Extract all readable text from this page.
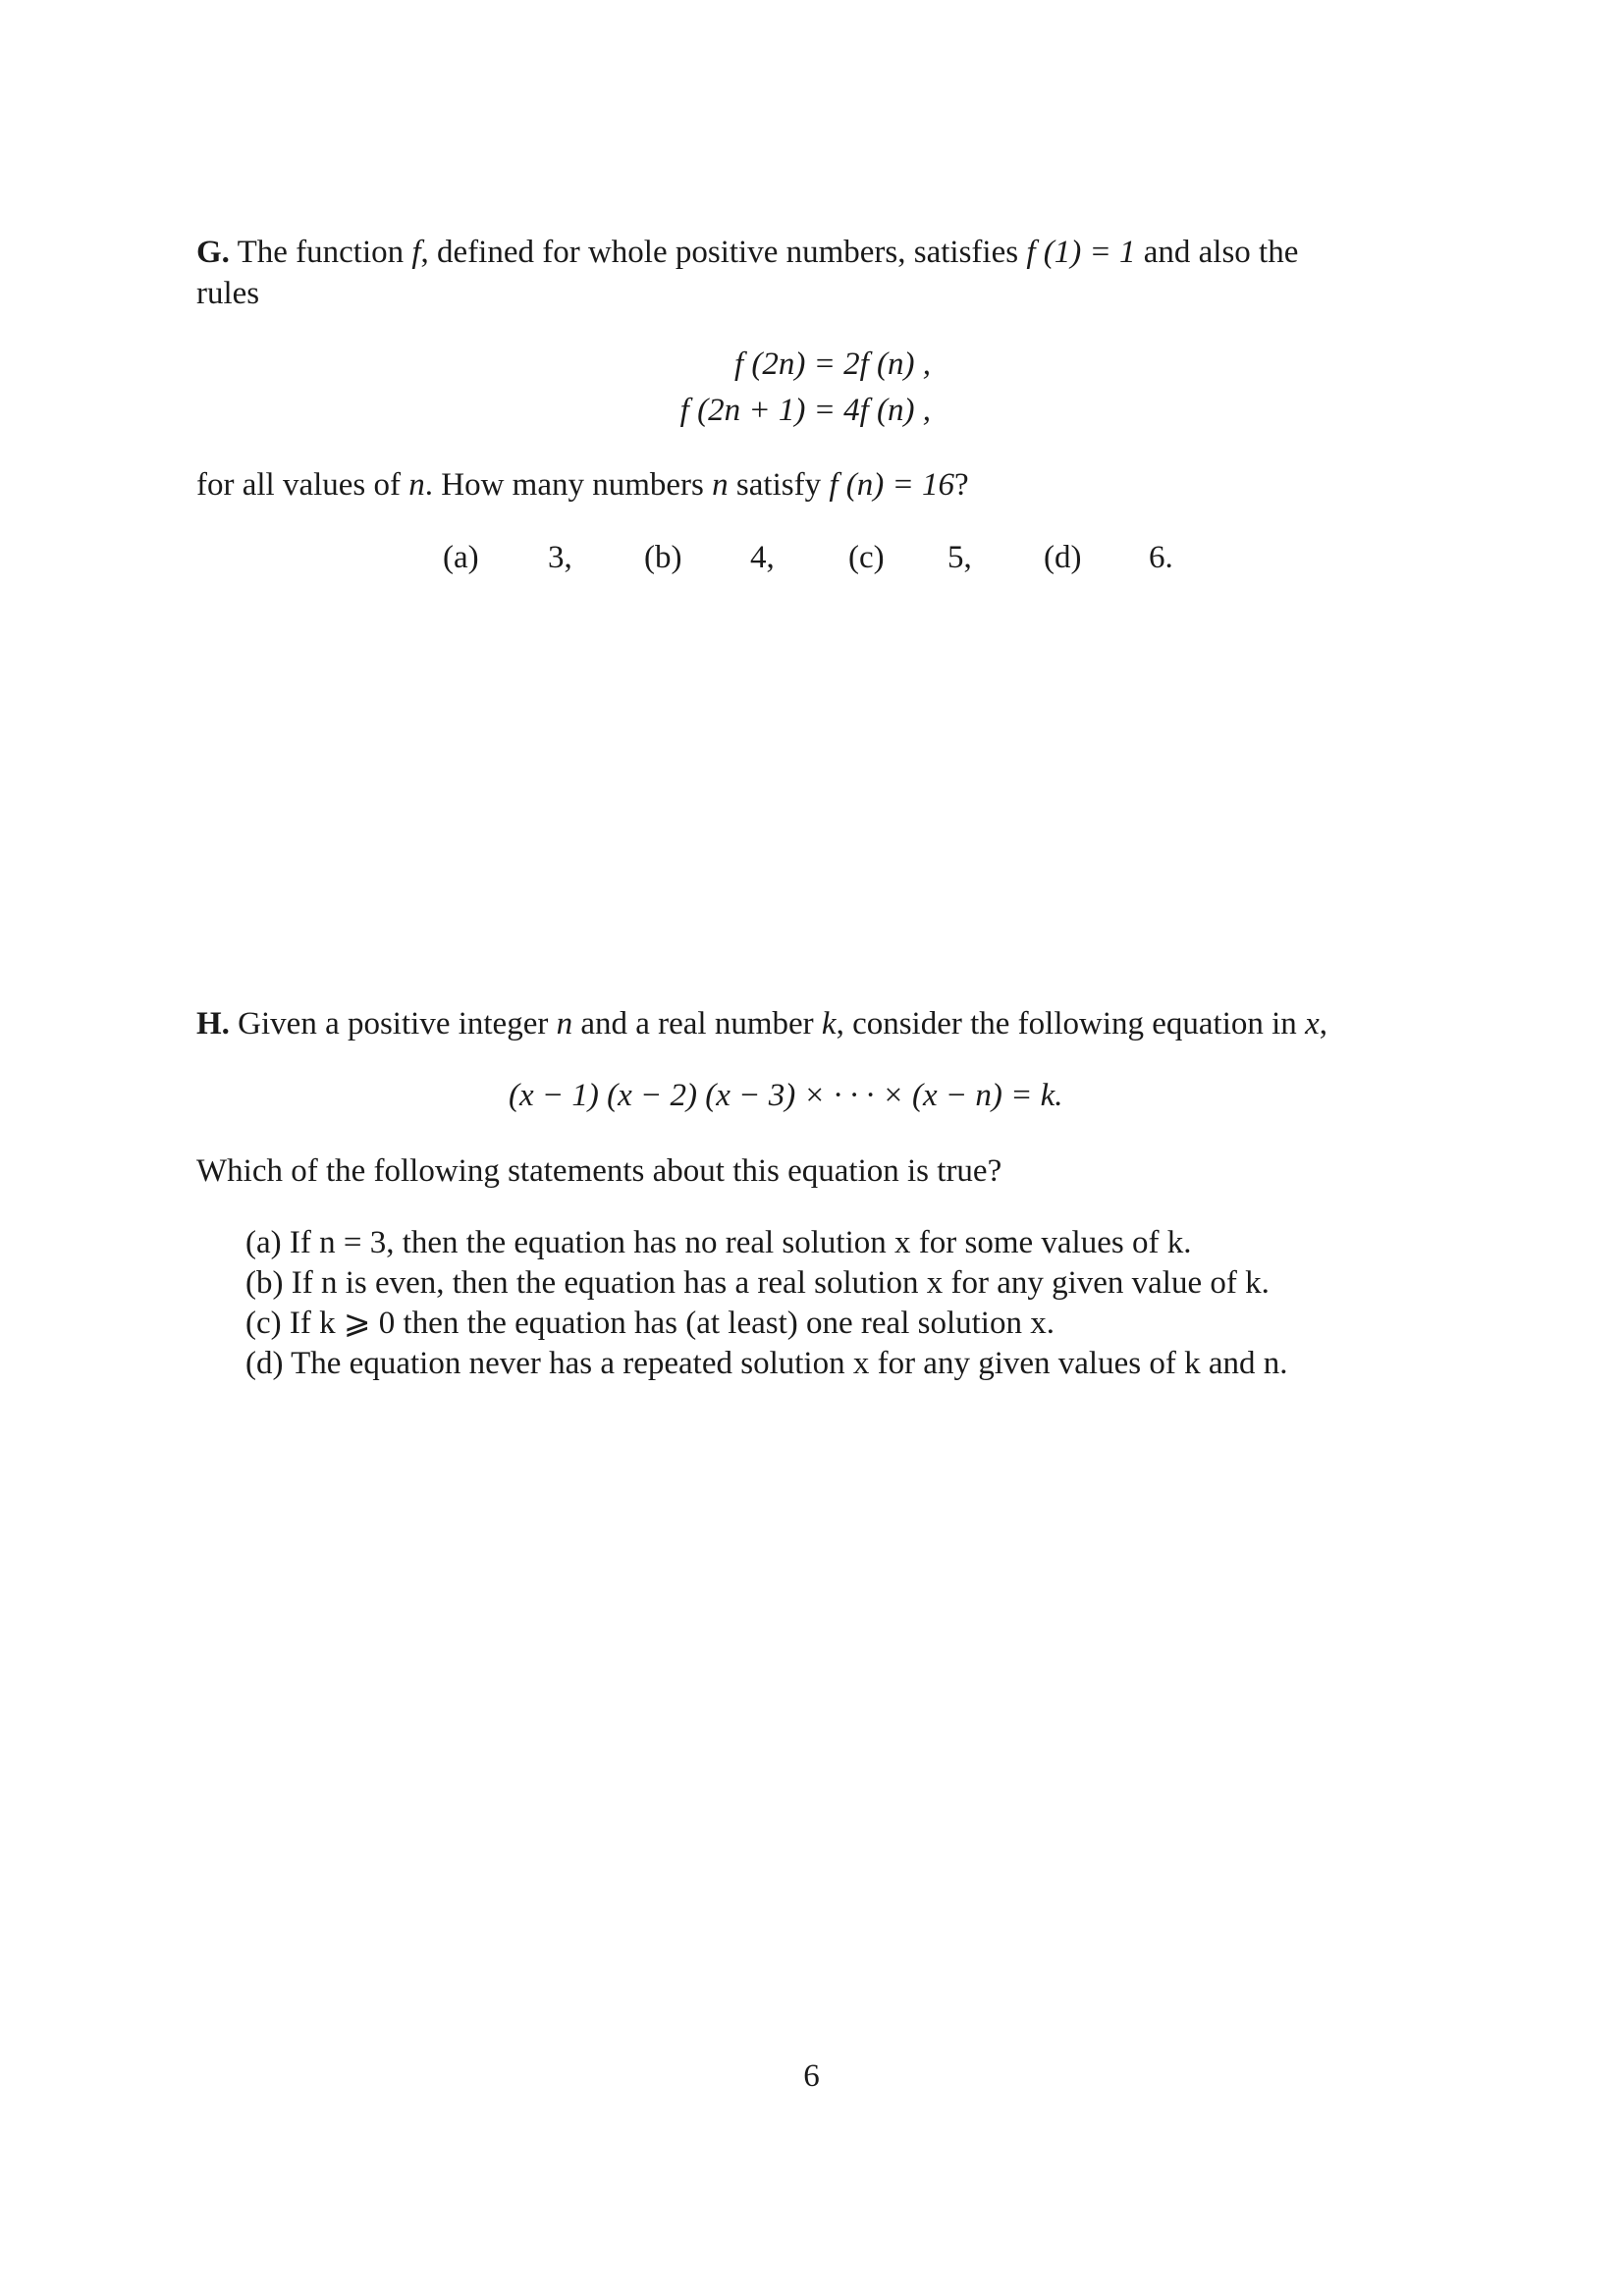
G. The function f, defined for whole positive numbers, satisfies f (1) = 1 and also the
rules
f (2n) = 2f (n) ,
f (2n + 1) = 4f (n) ,
for all values of n. How many numbers n satisfy f (n) = 16?
(a) 3, (b) 4, (c) 5, (d) 6.
H. Given a positive integer n and a real number k, consider the following equation in x,
(x − 1) (x − 2) (x − 3) × · · · × (x − n) = k.
Which of the following statements about this equation is true?
(a) If n = 3, then the equation has no real solution x for some values of k.
(b) If n is even, then the equation has a real solution x for any given value of k.
(c) If k ⩾ 0 then the equation has (at least) one real solution x.
(d) The equation never has a repeated solution x for any given values of k and n.
6
